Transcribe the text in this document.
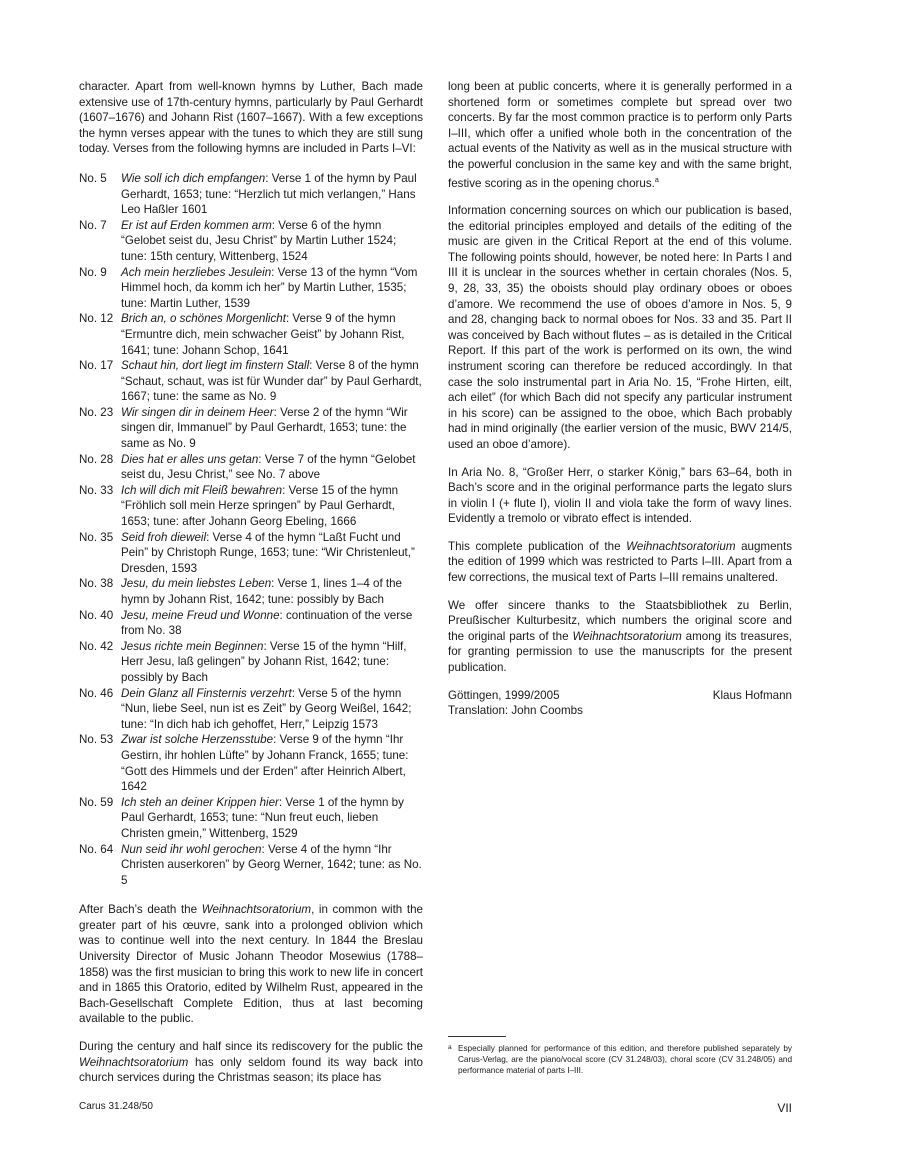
character. Apart from well-known hymns by Luther, Bach made extensive use of 17th-century hymns, particularly by Paul Gerhardt (1607–1676) and Johann Rist (1607–1667). With a few exceptions the hymn verses appear with the tunes to which they are still sung today. Verses from the following hymns are included in Parts I–VI:

No. 5	Wie soll ich dich empfangen: Verse 1 of the hymn by Paul Gerhardt, 1653; tune: “Herzlich tut mich verlangen,” Hans Leo Haßler 1601
No. 7	Er ist auf Erden kommen arm: Verse 6 of the hymn “Gelobet seist du, Jesu Christ” by Martin Luther 1524; tune: 15th century, Wittenberg, 1524
No. 9	Ach mein herzliebes Jesulein: Verse 13 of the hymn “Vom Himmel hoch, da komm ich her” by Martin Luther, 1535; tune: Martin Luther, 1539
No. 12 Brich an, o schönes Morgenlicht: Verse 9 of the hymn “Ermuntre dich, mein schwacher Geist” by Johann Rist, 1641; tune: Johann Schop, 1641
No. 17 Schaut hin, dort liegt im finstern Stall: Verse 8 of the hymn “Schaut, schaut, was ist für Wunder dar” by Paul Gerhardt, 1667; tune: the same as No. 9
No. 23 Wir singen dir in deinem Heer: Verse 2 of the hymn “Wir singen dir, Immanuel” by Paul Gerhardt, 1653; tune: the same as No. 9
No. 28 Dies hat er alles uns getan: Verse 7 of the hymn “Gelobet seist du, Jesu Christ,” see No. 7 above
No. 33 Ich will dich mit Fleiß bewahren: Verse 15 of the hymn “Fröhlich soll mein Herze springen” by Paul Gerhardt, 1653; tune: after Johann Georg Ebeling, 1666
No. 35 Seid froh dieweil: Verse 4 of the hymn “Laßt Fucht und Pein” by Christoph Runge, 1653; tune: “Wir Christenleut,” Dresden, 1593
No. 38 Jesu, du mein liebstes Leben: Verse 1, lines 1–4 of the hymn by Johann Rist, 1642; tune: possibly by Bach
No. 40 Jesu, meine Freud und Wonne: continuation of the verse from No. 38
No. 42 Jesus richte mein Beginnen: Verse 15 of the hymn “Hilf, Herr Jesu, laß gelingen” by Johann Rist, 1642; tune: possibly by Bach
No. 46 Dein Glanz all Finsternis verzehrt: Verse 5 of the hymn “Nun, liebe Seel, nun ist es Zeit” by Georg Weißel, 1642; tune: “In dich hab ich gehoffet, Herr,” Leipzig 1573
No. 53 Zwar ist solche Herzensstube: Verse 9 of the hymn “Ihr Gestirn, ihr hohlen Lüfte” by Johann Franck, 1655; tune: “Gott des Himmels und der Erden” after Heinrich Albert, 1642
No. 59 Ich steh an deiner Krippen hier: Verse 1 of the hymn by Paul Gerhardt, 1653; tune: “Nun freut euch, lieben Christen gmein,” Wittenberg, 1529
No. 64 Nun seid ihr wohl gerochen: Verse 4 of the hymn “Ihr Christen auserkoren” by Georg Werner, 1642; tune: as No. 5

After Bach’s death the Weihnachtsoratorium, in common with the greater part of his œuvre, sank into a prolonged oblivion which was to continue well into the next century. In 1844 the Breslau University Director of Music Johann Theodor Mosewius (1788–1858) was the first musician to bring this work to new life in concert and in 1865 this Oratorio, edited by Wilhelm Rust, appeared in the Bach-Gesellschaft Complete Edition, thus at last becoming available to the public.

During the century and half since its rediscovery for the public the Weihnachtsoratorium has only seldom found its way back into church services during the Christmas season; its place has

long been at public concerts, where it is generally performed in a shortened form or sometimes complete but spread over two concerts. By far the most common practice is to perform only Parts I–III, which offer a unified whole both in the concentration of the actual events of the Nativity as well as in the musical structure with the powerful conclusion in the same key and with the same bright, festive scoring as in the opening chorus.$^a$

Information concerning sources on which our publication is based, the editorial principles employed and details of the editing of the music are given in the Critical Report at the end of this volume. The following points should, however, be noted here: In Parts I and III it is unclear in the sources whether in certain chorales (Nos. 5, 9, 28, 33, 35) the oboists should play ordinary oboes or oboes d’amore. We recommend the use of oboes d’amore in Nos. 5, 9 and 28, changing back to normal oboes for Nos. 33 and 35. Part II was conceived by Bach without flutes – as is detailed in the Critical Report. If this part of the work is performed on its own, the wind instrument scoring can therefore be reduced accordingly. In that case the solo instrumental part in Aria No. 15, “Frohe Hirten, eilt, ach eilet” (for which Bach did not specify any particular instrument in his score) can be assigned to the oboe, which Bach probably had in mind originally (the earlier version of the music, BWV 214/5, used an oboe d’amore).

In Aria No. 8, “Großer Herr, o starker König,” bars 63–64, both in Bach’s score and in the original performance parts the legato slurs in violin I (+ flute I), violin II and viola take the form of wavy lines. Evidently a tremolo or vibrato effect is intended.

This complete publication of the Weihnachtsoratorium augments the edition of 1999 which was restricted to Parts I–III. Apart from a few corrections, the musical text of Parts I–III remains unaltered.

We offer sincere thanks to the Staatsbibliothek zu Berlin, Preußischer Kulturbesitz, which numbers the original score and the original parts of the Weihnachtsoratorium among its treasures, for granting permission to use the manuscripts for the present publication.

Göttingen, 1999/2005	Klaus Hofmann
Translation: John Coombs
a Especially planned for performance of this edition, and therefore published separately by Carus-Verlag, are the piano/vocal score (CV 31.248/03), choral score (CV 31.248/05) and performance material of parts I–III.
Carus 31.248/50	VII
